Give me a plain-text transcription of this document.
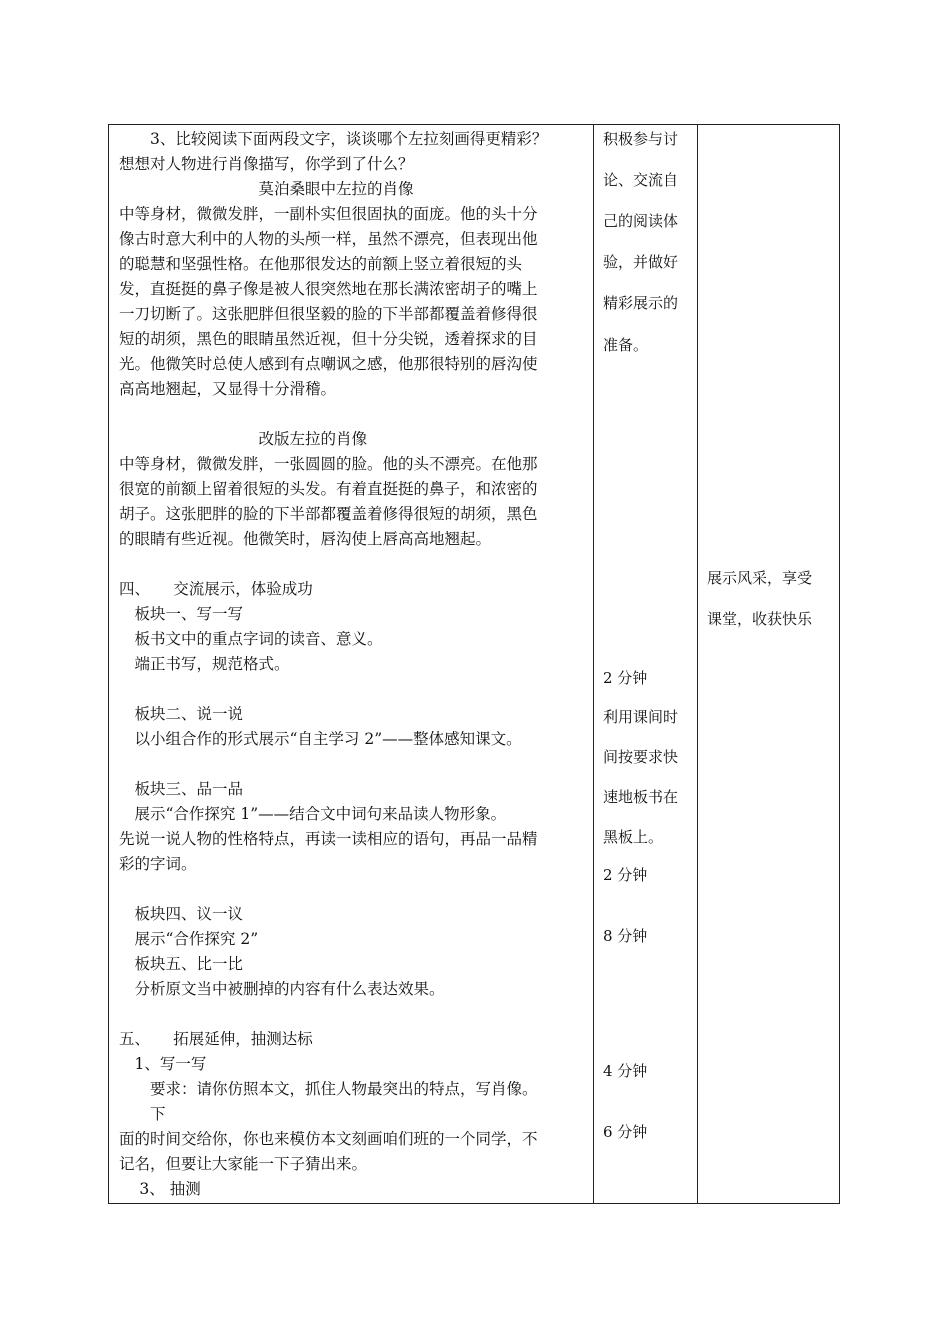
　　3、比较阅读下面两段文字，谈谈哪个左拉刻画得更精彩？
想想对人物进行肖像描写，你学到了什么？
　　　　　　　　　莫泊桑眼中左拉的肖像
中等身材，微微发胖，一副朴实但很固执的面庞。他的头十分
像古时意大利中的人物的头颅一样，虽然不漂亮，但表现出他
的聪慧和坚强性格。在他那很发达的前额上竖立着很短的头
发，直挺挺的鼻子像是被人很突然地在那长满浓密胡子的嘴上
一刀切断了。这张肥胖但很坚毅的脸的下半部都覆盖着修得很
短的胡须，黑色的眼睛虽然近视，但十分尖锐，透着探求的目
光。他微笑时总使人感到有点嘲讽之感，他那很特别的唇沟使
高高地翘起，又显得十分滑稽。
　　　　　　　　　改版左拉的肖像
中等身材，微微发胖，一张圆圆的脸。他的头不漂亮。在他那
很宽的前额上留着很短的头发。有着直挺挺的鼻子，和浓密的
胡子。这张肥胖的脸的下半部都覆盖着修得很短的胡须，黑色
的眼睛有些近视。他微笑时，唇沟使上唇高高地翘起。
四、　　交流展示，体验成功
　板块一、写一写
　板书文中的重点字词的读音、意义。
　端正书写，规范格式。
　板块二、说一说
　以小组合作的形式展示“自主学习 2”——整体感知课文。
　板块三、品一品
　展示“合作探究 1”——结合文中词句来品读人物形象。
先说一说人物的性格特点，再读一读相应的语句，再品一品精
彩的字词。
　板块四、议一议
　展示“合作探究 2”
　板块五、比一比
　分析原文当中被删掉的内容有什么表达效果。
五、　　拓展延伸，抽测达标
　1、写一写
　　要求：请你仿照本文，抓住人物最突出的特点，写肖像。
　　下
面的时间交给你，你也来模仿本文刻画咱们班的一个同学，不
记名，但要让大家能一下子猜出来。
　 3、 抽测
积极参与讨
论、交流自
己的阅读体
验，并做好
精彩展示的
准备。
2 分钟
利用课间时
间按要求快
速地板书在
黑板上。
2 分钟
8 分钟
4 分钟
6 分钟
展示风采，享受
课堂，收获快乐
